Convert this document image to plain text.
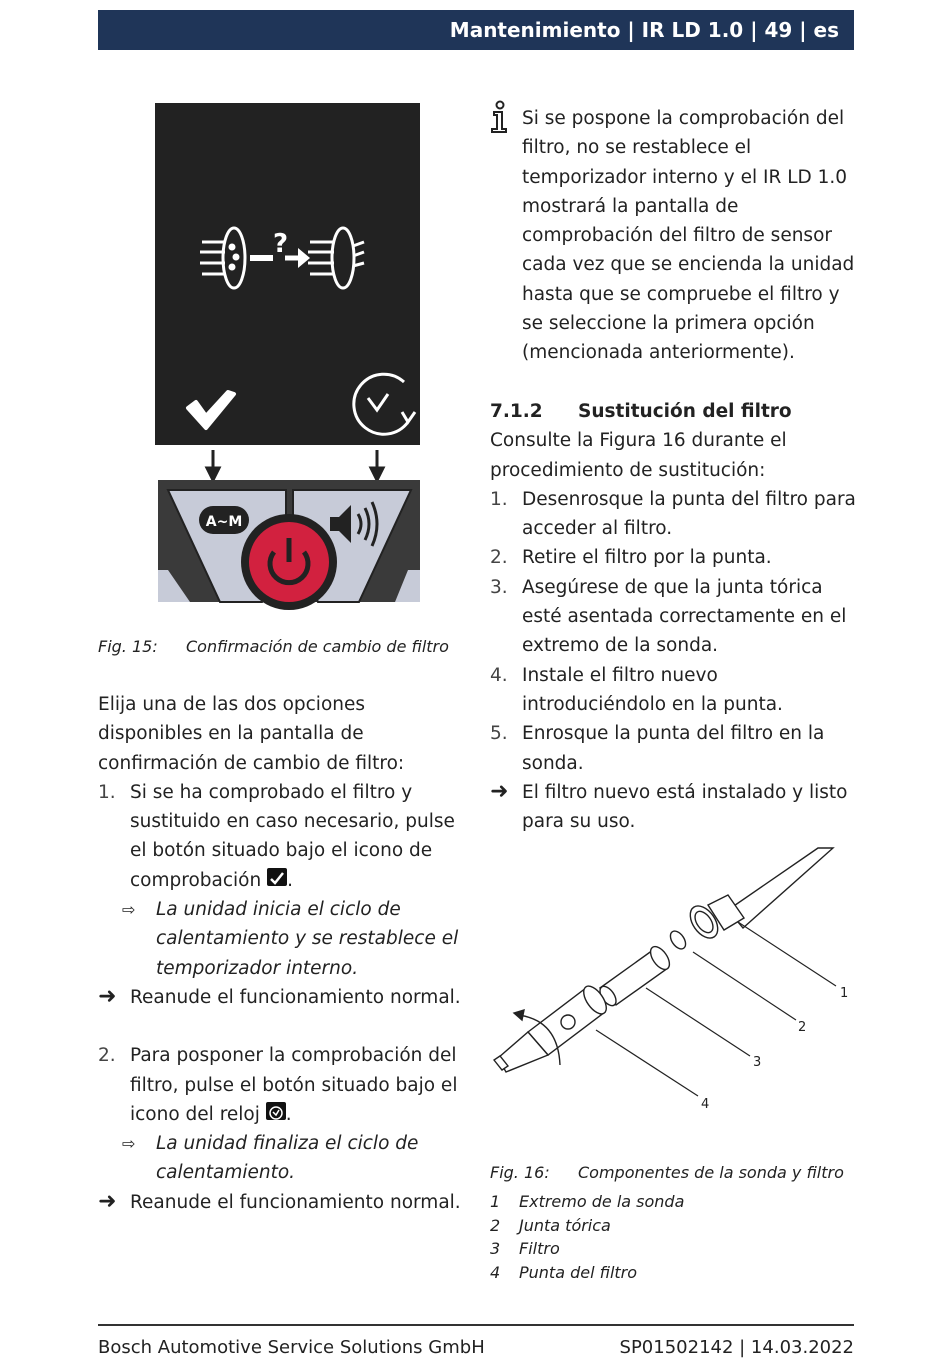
Mantenimiento | IR LD 1.0 | 49 | es
?
A~M
Fig. 15: Confirmación de cambio de filtro

Elija una de las dos opciones disponibles en la pantalla de confirmación de cambio de filtro:

1. Si se ha comprobado el filtro y sustituido en caso necesario, pulse el botón situado bajo el icono de comprobación .
⇨ La unidad inicia el ciclo de calentamiento y se restablece el temporizador interno.
➜ Reanude el funcionamiento normal.
2. Para posponer la comprobación del filtro, pulse el botón situado bajo el icono del reloj .
⇨ La unidad finaliza el ciclo de calentamiento.
➜ Reanude el funcionamiento normal.

Si se pospone la comprobación del filtro, no se restablece el temporizador interno y el IR LD 1.0 mostrará la pantalla de comprobación del filtro de sensor cada vez que se encienda la unidad hasta que se compruebe el filtro y se seleccione la primera opción (mencionada anteriormente).

7.1.2 Sustitución del filtro

Consulte la Figura 16 durante el procedimiento de sustitución:

1. Desenrosque la punta del filtro para acceder al filtro.
2. Retire el filtro por la punta.
3. Asegúrese de que la junta tórica esté asentada correctamente en el extremo de la sonda.
4. Instale el filtro nuevo introduciéndolo en la punta.
5. Enrosque la punta del filtro en la sonda.
➜ El filtro nuevo está instalado y listo para su uso.
1
2
3
4
Fig. 16: Componentes de la sonda y filtro
1 Extremo de la sonda
2 Junta tórica
3 Filtro
4 Punta del filtro
Bosch Automotive Service Solutions GmbH	SP01502142 | 14.03.2022
